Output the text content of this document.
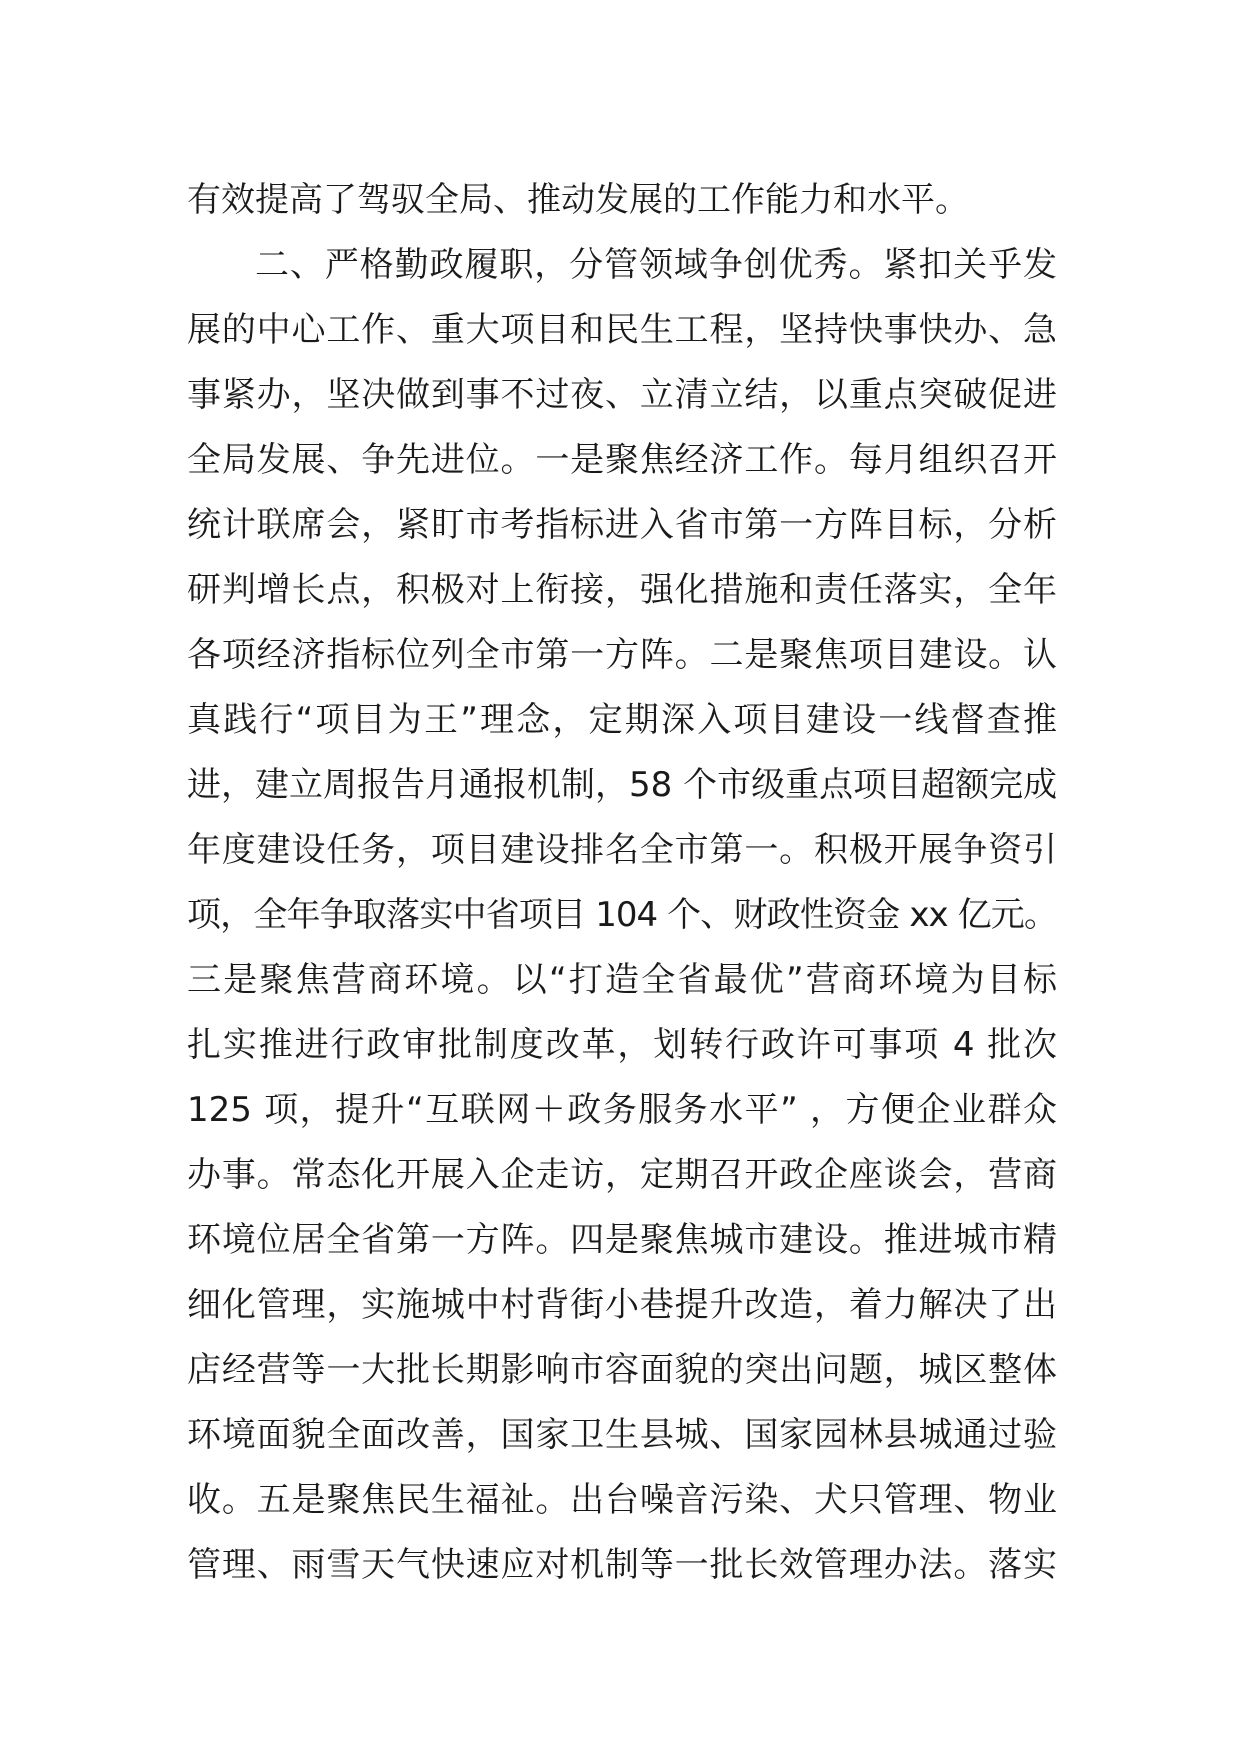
有效提高了驾驭全局、推动发展的工作能力和水平。
二、严格勤政履职，分管领域争创优秀。紧扣关乎发
展的中心工作、重大项目和民生工程，坚持快事快办、急
事紧办，坚决做到事不过夜、立清立结，以重点突破促进
全局发展、争先进位。一是聚焦经济工作。每月组织召开
统计联席会，紧盯市考指标进入省市第一方阵目标，分析
研判增长点，积极对上衔接，强化措施和责任落实，全年
各项经济指标位列全市第一方阵。二是聚焦项目建设。认
真践行“项目为王”理念，定期深入项目建设一线督查推
进，建立周报告月通报机制，58 个市级重点项目超额完成
年度建设任务，项目建设排名全市第一。积极开展争资引
项，全年争取落实中省项目 104 个、财政性资金 xx 亿元。
三是聚焦营商环境。以“打造全省最优”营商环境为目标
扎实推进行政审批制度改革，划转行政许可事项 4 批次
125 项，提升“互联网＋政务服务水平” ，方便企业群众
办事。常态化开展入企走访，定期召开政企座谈会，营商
环境位居全省第一方阵。四是聚焦城市建设。推进城市精
细化管理，实施城中村背街小巷提升改造，着力解决了出
店经营等一大批长期影响市容面貌的突出问题，城区整体
环境面貌全面改善，国家卫生县城、国家园林县城通过验
收。五是聚焦民生福祉。出台噪音污染、犬只管理、物业
管理、雨雪天气快速应对机制等一批长效管理办法。落实
